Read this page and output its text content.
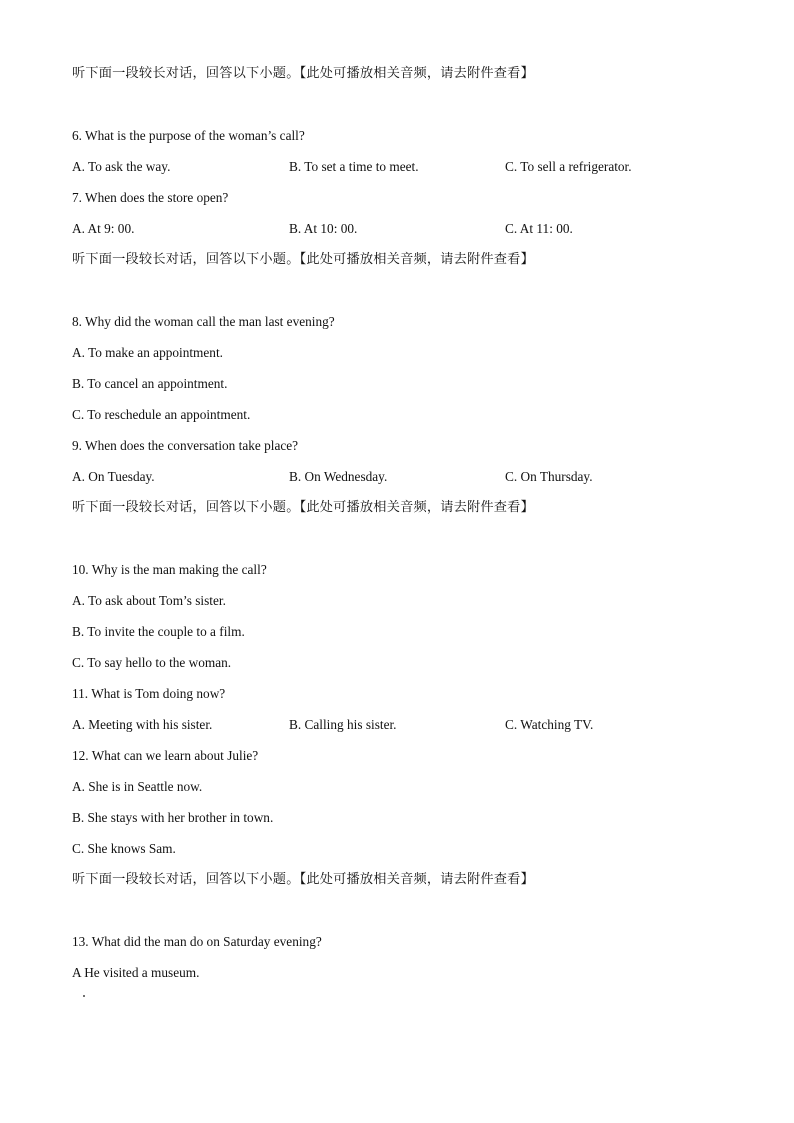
听下面一段较长对话，回答以下小题。【此处可播放相关音频，请去附件查看】

6. What is the purpose of the woman’s call?

A. To ask the way.	B. To set a time to meet.	C. To sell a refrigerator.

7. When does the store open?

A. At 9: 00.	B. At 10: 00.	C. At 11: 00.

听下面一段较长对话，回答以下小题。【此处可播放相关音频，请去附件查看】

8. Why did the woman call the man last evening?

A. To make an appointment.

B. To cancel an appointment.

C. To reschedule an appointment.

9. When does the conversation take place?

A. On Tuesday.	B. On Wednesday.	C. On Thursday.

听下面一段较长对话，回答以下小题。【此处可播放相关音频，请去附件查看】

10. Why is the man making the call?

A. To ask about Tom’s sister.

B. To invite the couple to a film.

C. To say hello to the woman.

11. What is Tom doing now?

A. Meeting with his sister.	B. Calling his sister.	C. Watching TV.

12. What can we learn about Julie?

A. She is in Seattle now.

B. She stays with her brother in town.

C. She knows Sam.

听下面一段较长对话，回答以下小题。【此处可播放相关音频，请去附件查看】

13. What did the man do on Saturday evening?

A He visited a museum.
